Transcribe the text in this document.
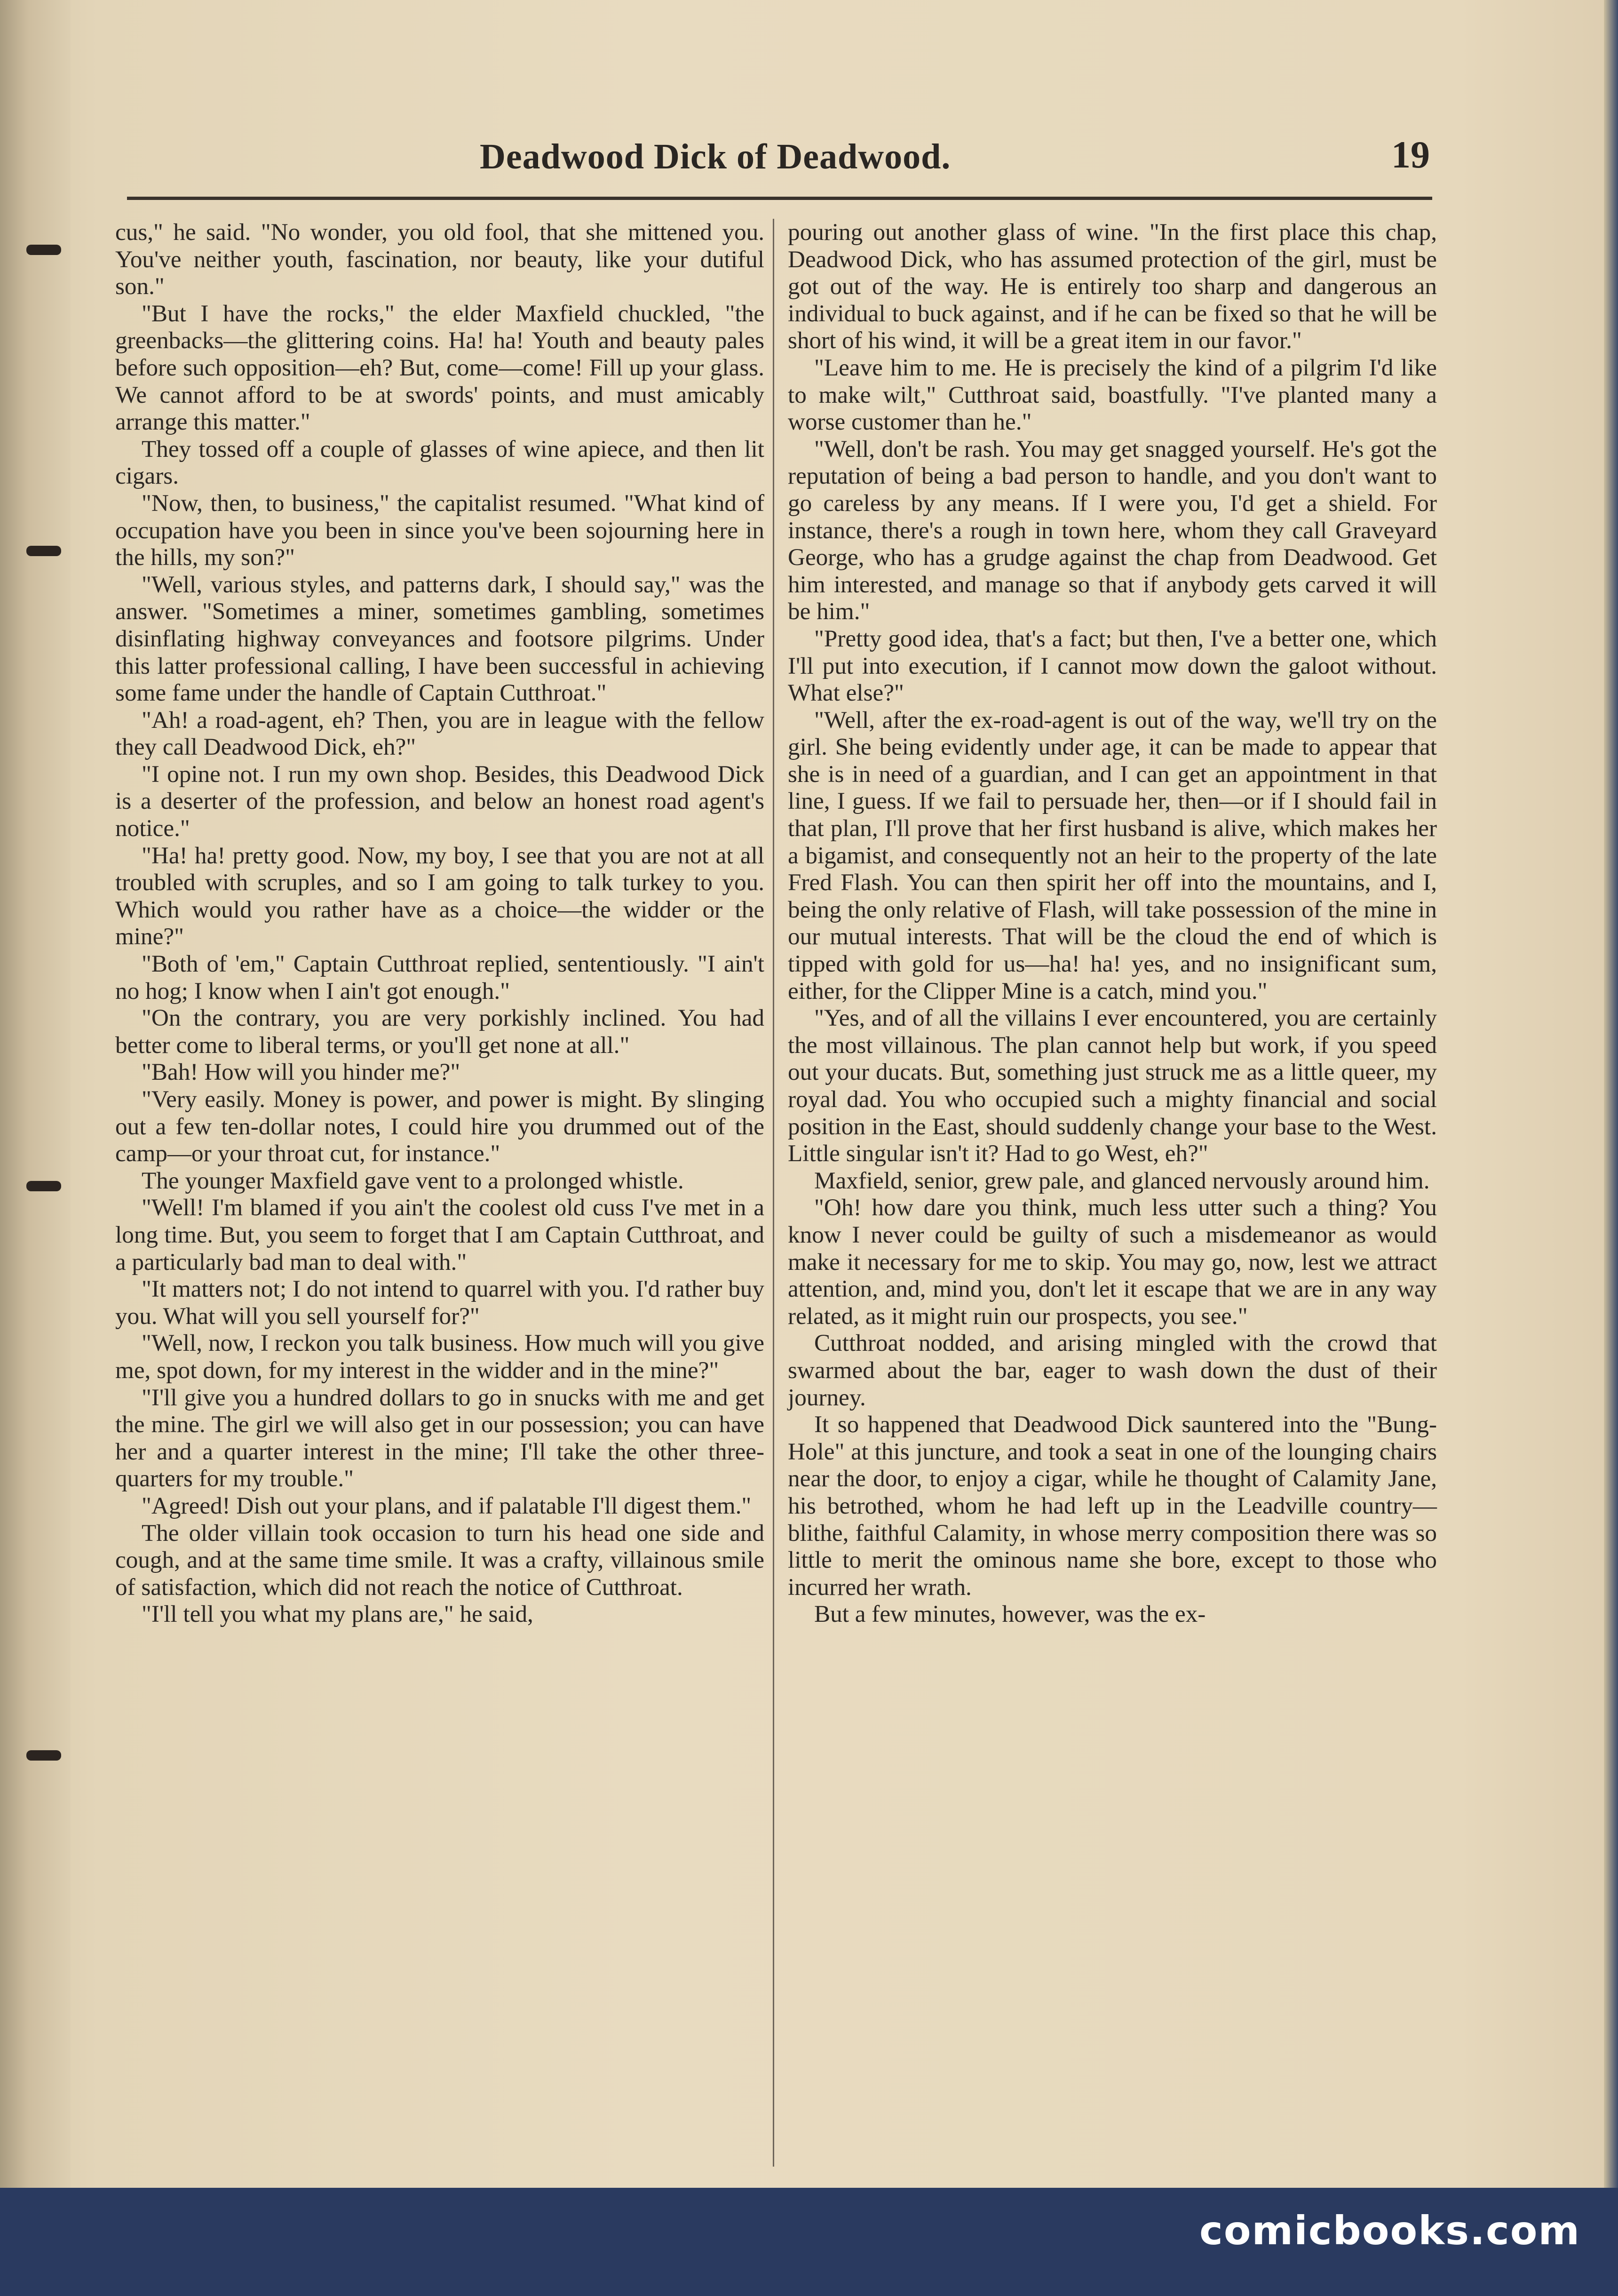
Deadwood Dick of Deadwood.	19

cus," he said. "No wonder, you old fool, that she mittened you. You've neither youth, fascination, nor beauty, like your dutiful son."

"But I have the rocks," the elder Maxfield chuckled, "the greenbacks—the glittering coins. Ha! ha! Youth and beauty pales before such opposition—eh? But, come—come! Fill up your glass. We cannot afford to be at swords' points, and must amicably arrange this matter."

They tossed off a couple of glasses of wine apiece, and then lit cigars.

"Now, then, to business," the capitalist resumed. "What kind of occupation have you been in since you've been sojourning here in the hills, my son?"

"Well, various styles, and patterns dark, I should say," was the answer. "Sometimes a miner, sometimes gambling, sometimes disinflating highway conveyances and footsore pilgrims. Under this latter professional calling, I have been successful in achieving some fame under the handle of Captain Cutthroat."

"Ah! a road-agent, eh? Then, you are in league with the fellow they call Deadwood Dick, eh?"

"I opine not. I run my own shop. Besides, this Deadwood Dick is a deserter of the profession, and below an honest road agent's notice."

"Ha! ha! pretty good. Now, my boy, I see that you are not at all troubled with scruples, and so I am going to talk turkey to you. Which would you rather have as a choice—the widder or the mine?"

"Both of 'em," Captain Cutthroat replied, sententiously. "I ain't no hog; I know when I ain't got enough."

"On the contrary, you are very porkishly inclined. You had better come to liberal terms, or you'll get none at all."

"Bah! How will you hinder me?"

"Very easily. Money is power, and power is might. By slinging out a few ten-dollar notes, I could hire you drummed out of the camp—or your throat cut, for instance."

The younger Maxfield gave vent to a prolonged whistle.

"Well! I'm blamed if you ain't the coolest old cuss I've met in a long time. But, you seem to forget that I am Captain Cutthroat, and a particularly bad man to deal with."

"It matters not; I do not intend to quarrel with you. I'd rather buy you. What will you sell yourself for?"

"Well, now, I reckon you talk business. How much will you give me, spot down, for my interest in the widder and in the mine?"

"I'll give you a hundred dollars to go in snucks with me and get the mine. The girl we will also get in our possession; you can have her and a quarter interest in the mine; I'll take the other three-quarters for my trouble."

"Agreed! Dish out your plans, and if palatable I'll digest them."

The older villain took occasion to turn his head one side and cough, and at the same time smile. It was a crafty, villainous smile of satisfaction, which did not reach the notice of Cutthroat.

"I'll tell you what my plans are," he said,

pouring out another glass of wine. "In the first place this chap, Deadwood Dick, who has assumed protection of the girl, must be got out of the way. He is entirely too sharp and dangerous an individual to buck against, and if he can be fixed so that he will be short of his wind, it will be a great item in our favor."

"Leave him to me. He is precisely the kind of a pilgrim I'd like to make wilt," Cutthroat said, boastfully. "I've planted many a worse customer than he."

"Well, don't be rash. You may get snagged yourself. He's got the reputation of being a bad person to handle, and you don't want to go careless by any means. If I were you, I'd get a shield. For instance, there's a rough in town here, whom they call Graveyard George, who has a grudge against the chap from Deadwood. Get him interested, and manage so that if anybody gets carved it will be him."

"Pretty good idea, that's a fact; but then, I've a better one, which I'll put into execution, if I cannot mow down the galoot without. What else?"

"Well, after the ex-road-agent is out of the way, we'll try on the girl. She being evidently under age, it can be made to appear that she is in need of a guardian, and I can get an appointment in that line, I guess. If we fail to persuade her, then—or if I should fail in that plan, I'll prove that her first husband is alive, which makes her a bigamist, and consequently not an heir to the property of the late Fred Flash. You can then spirit her off into the mountains, and I, being the only relative of Flash, will take possession of the mine in our mutual interests. That will be the cloud the end of which is tipped with gold for us—ha! ha! yes, and no insignificant sum, either, for the Clipper Mine is a catch, mind you."

"Yes, and of all the villains I ever encountered, you are certainly the most villainous. The plan cannot help but work, if you speed out your ducats. But, something just struck me as a little queer, my royal dad. You who occupied such a mighty financial and social position in the East, should suddenly change your base to the West. Little singular isn't it? Had to go West, eh?"

Maxfield, senior, grew pale, and glanced nervously around him.

"Oh! how dare you think, much less utter such a thing? You know I never could be guilty of such a misdemeanor as would make it necessary for me to skip. You may go, now, lest we attract attention, and, mind you, don't let it escape that we are in any way related, as it might ruin our prospects, you see."

Cutthroat nodded, and arising mingled with the crowd that swarmed about the bar, eager to wash down the dust of their journey.

It so happened that Deadwood Dick sauntered into the "Bung-Hole" at this juncture, and took a seat in one of the lounging chairs near the door, to enjoy a cigar, while he thought of Calamity Jane, his betrothed, whom he had left up in the Leadville country—blithe, faithful Calamity, in whose merry composition there was so little to merit the ominous name she bore, except to those who incurred her wrath.

But a few minutes, however, was the ex-

comicbooks.com
